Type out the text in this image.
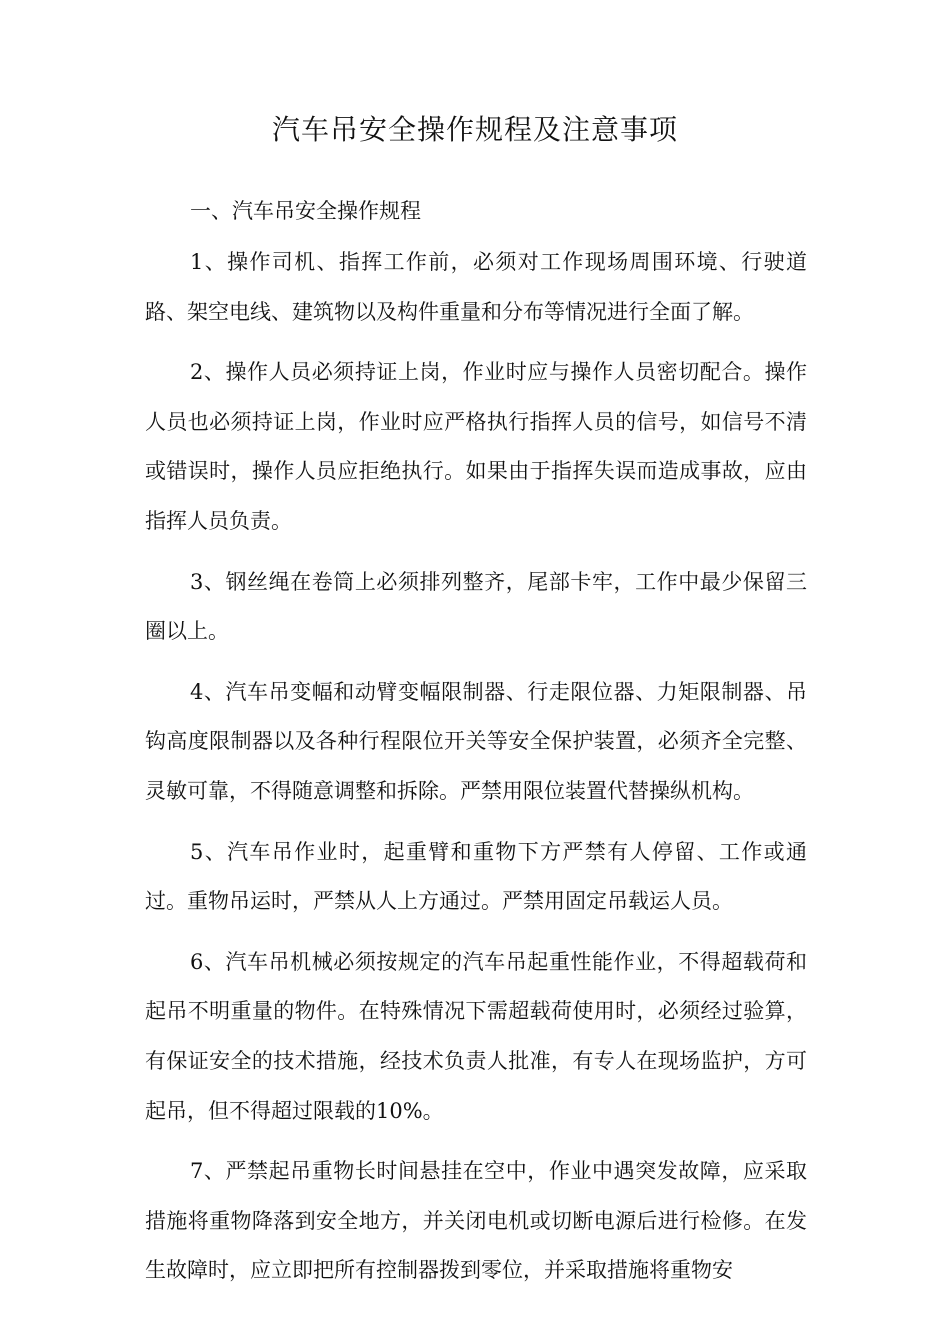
汽车吊安全操作规程及注意事项
一、汽车吊安全操作规程

1、操作司机、指挥工作前，必须对工作现场周围环境、行驶道路、架空电线、建筑物以及构件重量和分布等情况进行全面了解。

2、操作人员必须持证上岗，作业时应与操作人员密切配合。操作人员也必须持证上岗，作业时应严格执行指挥人员的信号，如信号不清或错误时，操作人员应拒绝执行。如果由于指挥失误而造成事故，应由指挥人员负责。

3、钢丝绳在卷筒上必须排列整齐，尾部卡牢，工作中最少保留三圈以上。

4、汽车吊变幅和动臂变幅限制器、行走限位器、力矩限制器、吊钩高度限制器以及各种行程限位开关等安全保护装置，必须齐全完整、灵敏可靠，不得随意调整和拆除。严禁用限位装置代替操纵机构。

5、汽车吊作业时，起重臂和重物下方严禁有人停留、工作或通过。重物吊运时，严禁从人上方通过。严禁用固定吊载运人员。

6、汽车吊机械必须按规定的汽车吊起重性能作业，不得超载荷和起吊不明重量的物件。在特殊情况下需超载荷使用时，必须经过验算，有保证安全的技术措施，经技术负责人批准，有专人在现场监护，方可起吊，但不得超过限载的10%。

7、严禁起吊重物长时间悬挂在空中，作业中遇突发故障，应采取措施将重物降落到安全地方，并关闭电机或切断电源后进行检修。在发生故障时，应立即把所有控制器拨到零位，并采取措施将重物安
